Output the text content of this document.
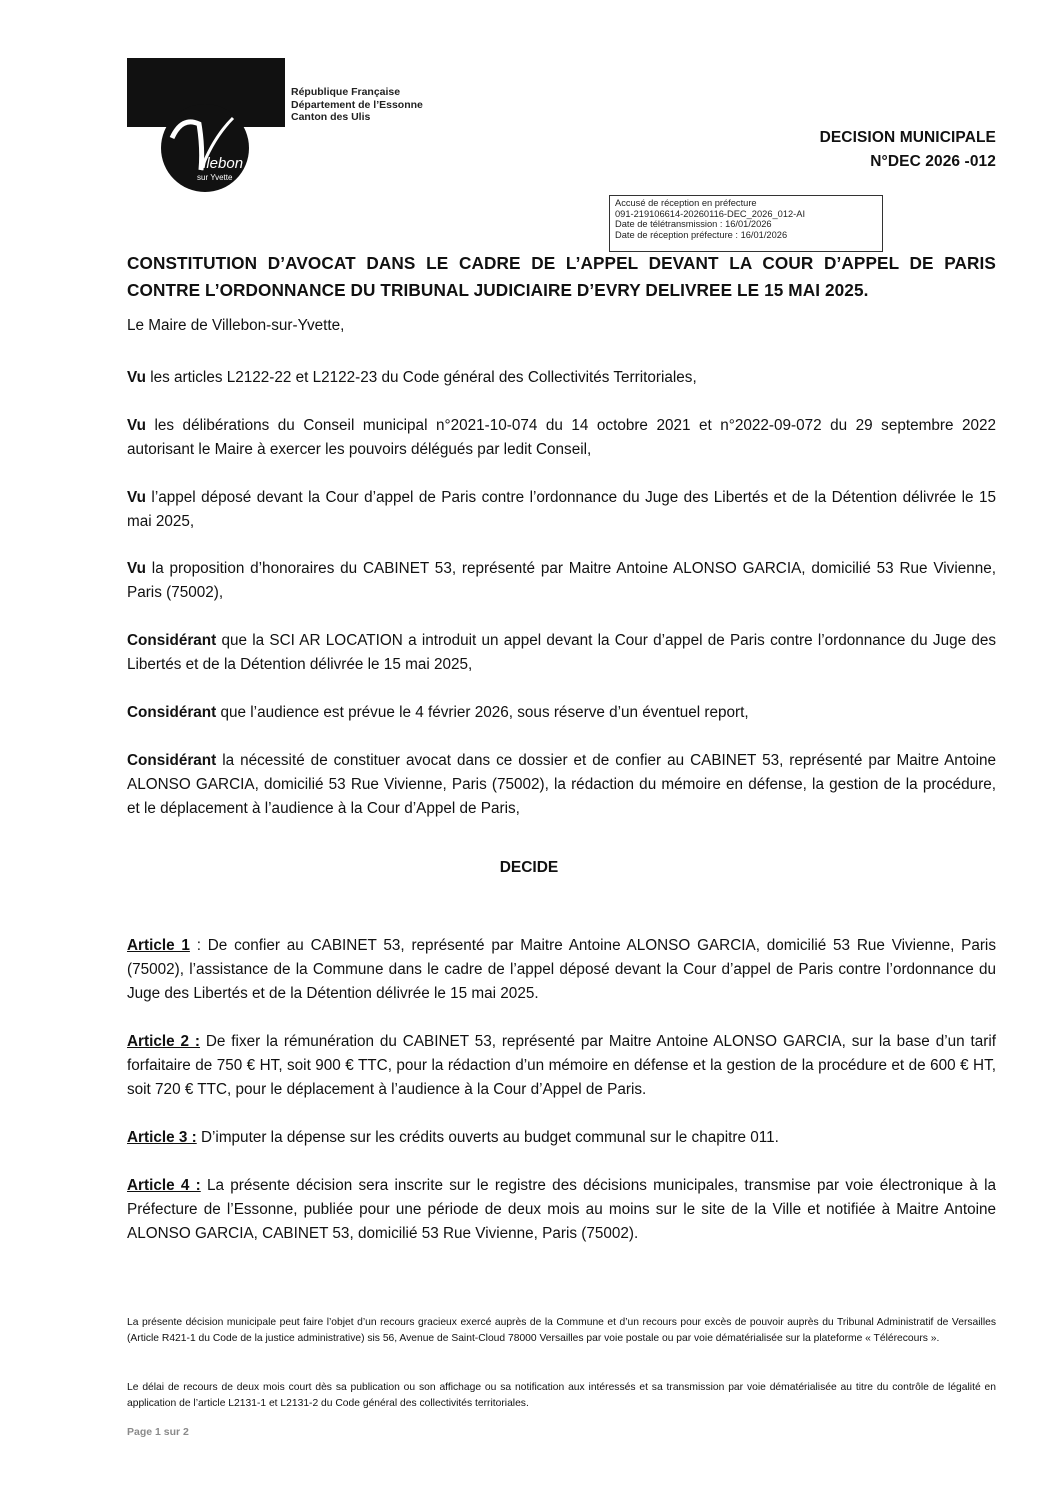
llebon
sur Yvette
République Française
Département de l’Essonne
Canton des Ulis
DECISION MUNICIPALE
N°DEC 2026 -012
Accusé de réception en préfecture
091-219106614-20260116-DEC_2026_012-AI
Date de télétransmission : 16/01/2026
Date de réception préfecture : 16/01/2026
CONSTITUTION D’AVOCAT DANS LE CADRE DE L’APPEL DEVANT LA COUR D’APPEL DE PARIS
CONTRE L’ORDONNANCE DU TRIBUNAL JUDICIAIRE D’EVRY DELIVREE LE 15 MAI 2025.
Le Maire de Villebon-sur-Yvette,
Vu les articles L2122-22 et L2122-23 du Code général des Collectivités Territoriales,
Vu les délibérations du Conseil municipal n°2021-10-074 du 14 octobre 2021 et n°2022-09-072 du 29 septembre 2022 autorisant le Maire à exercer les pouvoirs délégués par ledit Conseil,
Vu l’appel déposé devant la Cour d’appel de Paris contre l’ordonnance du Juge des Libertés et de la Détention délivrée le 15 mai 2025,
Vu la proposition d’honoraires du CABINET 53, représenté par Maitre Antoine ALONSO GARCIA, domicilié 53 Rue Vivienne, Paris (75002),
Considérant que la SCI AR LOCATION a introduit un appel devant la Cour d’appel de Paris contre l’ordonnance du Juge des Libertés et de la Détention délivrée le 15 mai 2025,
Considérant que l’audience est prévue le 4 février 2026, sous réserve d’un éventuel report,
Considérant la nécessité de constituer avocat dans ce dossier et de confier au CABINET 53, représenté par Maitre Antoine ALONSO GARCIA, domicilié 53 Rue Vivienne, Paris (75002), la rédaction du mémoire en défense, la gestion de la procédure, et le déplacement à l’audience à la Cour d’Appel de Paris,
DECIDE
Article 1 : De confier au CABINET 53, représenté par Maitre Antoine ALONSO GARCIA, domicilié 53 Rue Vivienne, Paris (75002), l’assistance de la Commune dans le cadre de l’appel déposé devant la Cour d’appel de Paris contre l’ordonnance du Juge des Libertés et de la Détention délivrée le 15 mai 2025.
Article 2 : De fixer la rémunération du CABINET 53, représenté par Maitre Antoine ALONSO GARCIA, sur la base d’un tarif forfaitaire de 750 € HT, soit 900 € TTC, pour la rédaction d’un mémoire en défense et la gestion de la procédure et de 600 € HT, soit 720 € TTC, pour le déplacement à l’audience à la Cour d’Appel de Paris.
Article 3 : D’imputer la dépense sur les crédits ouverts au budget communal sur le chapitre 011.
Article 4 : La présente décision sera inscrite sur le registre des décisions municipales, transmise par voie électronique à la Préfecture de l’Essonne, publiée pour une période de deux mois au moins sur le site de la Ville et notifiée à Maitre Antoine ALONSO GARCIA, CABINET 53, domicilié 53 Rue Vivienne, Paris (75002).
La présente décision municipale peut faire l’objet d’un recours gracieux exercé auprès de la Commune et d’un recours pour excès de pouvoir auprès du Tribunal Administratif de Versailles (Article R421-1 du Code de la justice administrative) sis 56, Avenue de Saint-Cloud 78000 Versailles par voie postale ou par voie dématérialisée sur la plateforme « Télérecours ».
Le délai de recours de deux mois court dès sa publication ou son affichage ou sa notification aux intéressés et sa transmission par voie dématérialisée au titre du contrôle de légalité en application de l’article L2131-1 et L2131-2 du Code général des collectivités territoriales.
Page 1 sur 2
